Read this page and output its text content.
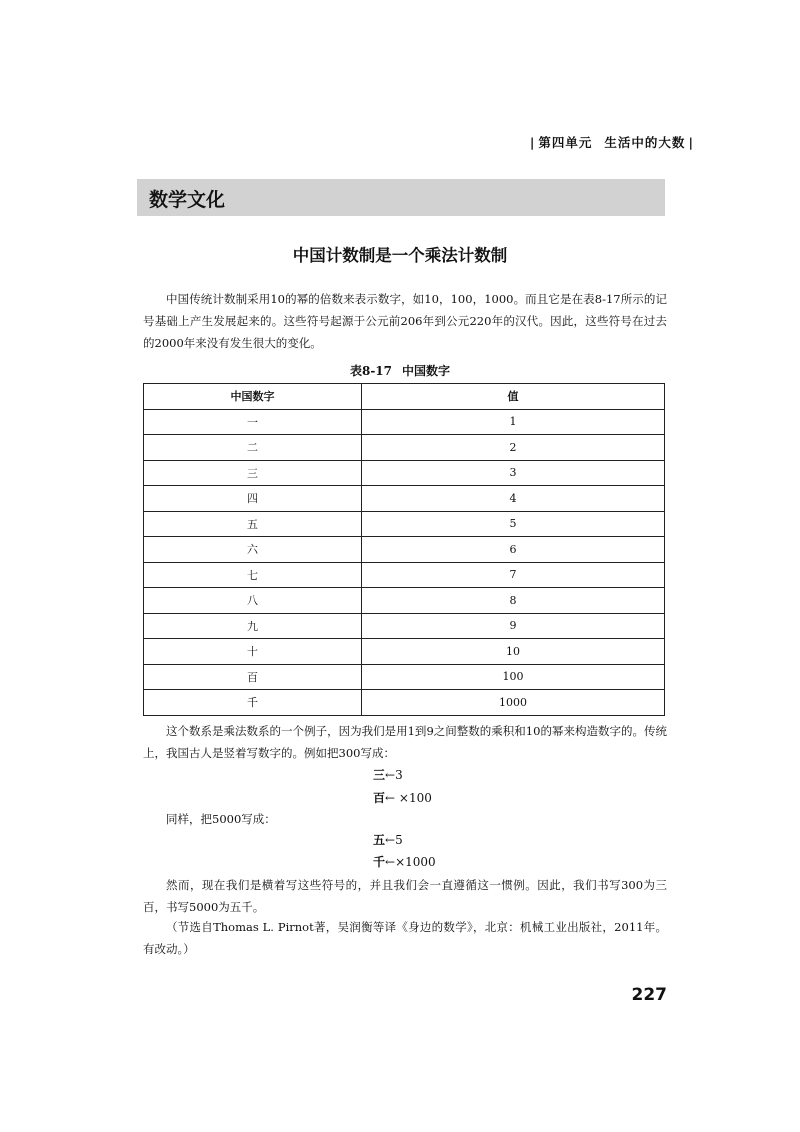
| 第四单元 生活中的大数 |
数学文化
中国计数制是一个乘法计数制
中国传统计数制采用10的幂的倍数来表示数字，如10，100，1000。而且它是在表8-17所示的记号基础上产生发展起来的。这些符号起源于公元前206年到公元220年的汉代。因此，这些符号在过去的2000年来没有发生很大的变化。
表8-17 中国数字
中国数字	值
一	1
二	2
三	3
四	4
五	5
六	6
七	7
八	8
九	9
十	10
百	100
千	1000
这个数系是乘法数系的一个例子，因为我们是用1到9之间整数的乘积和10的幂来构造数字的。传统上，我国古人是竖着写数字的。例如把300写成：
三←3
百← ×100
同样，把5000写成：
五←5
千←×1000
然而，现在我们是横着写这些符号的，并且我们会一直遵循这一惯例。因此，我们书写300为三百，书写5000为五千。
（节选自Thomas L. Pirnot著，吴润衡等译《身边的数学》，北京：机械工业出版社，2011年。有改动。）
227
